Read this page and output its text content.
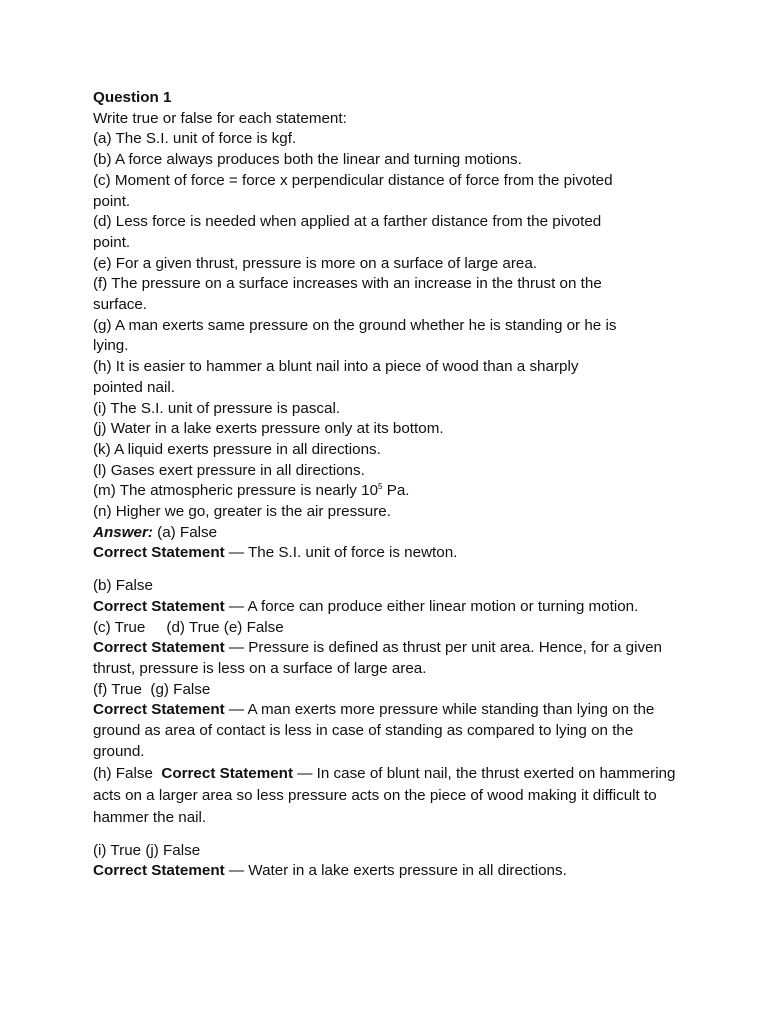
Question 1
Write true or false for each statement:
(a) The S.I. unit of force is kgf.
(b) A force always produces both the linear and turning motions.
(c) Moment of force = force x perpendicular distance of force from the pivoted
point.
(d) Less force is needed when applied at a farther distance from the pivoted
point.
(e) For a given thrust, pressure is more on a surface of large area.
(f) The pressure on a surface increases with an increase in the thrust on the
surface.
(g) A man exerts same pressure on the ground whether he is standing or he is
lying.
(h) It is easier to hammer a blunt nail into a piece of wood than a sharply
pointed nail.
(i) The S.I. unit of pressure is pascal.
(j) Water in a lake exerts pressure only at its bottom.
(k) A liquid exerts pressure in all directions.
(l) Gases exert pressure in all directions.
(m) The atmospheric pressure is nearly $10^5$ Pa.
(n) Higher we go, greater is the air pressure.
Answer: (a) False
Correct Statement — The S.I. unit of force is newton.
(b) False
Correct Statement — A force can produce either linear motion or turning motion.
(c) True     (d) True (e) False
Correct Statement — Pressure is defined as thrust per unit area. Hence, for a given thrust, pressure is less on a surface of large area.
(f) True  (g) False
Correct Statement — A man exerts more pressure while standing than lying on the ground as area of contact is less in case of standing as compared to lying on the ground.
(h) False  Correct Statement — In case of blunt nail, the thrust exerted on hammering acts on a larger area so less pressure acts on the piece of wood making it difficult to hammer the nail.
(i) True (j) False
Correct Statement — Water in a lake exerts pressure in all directions.
